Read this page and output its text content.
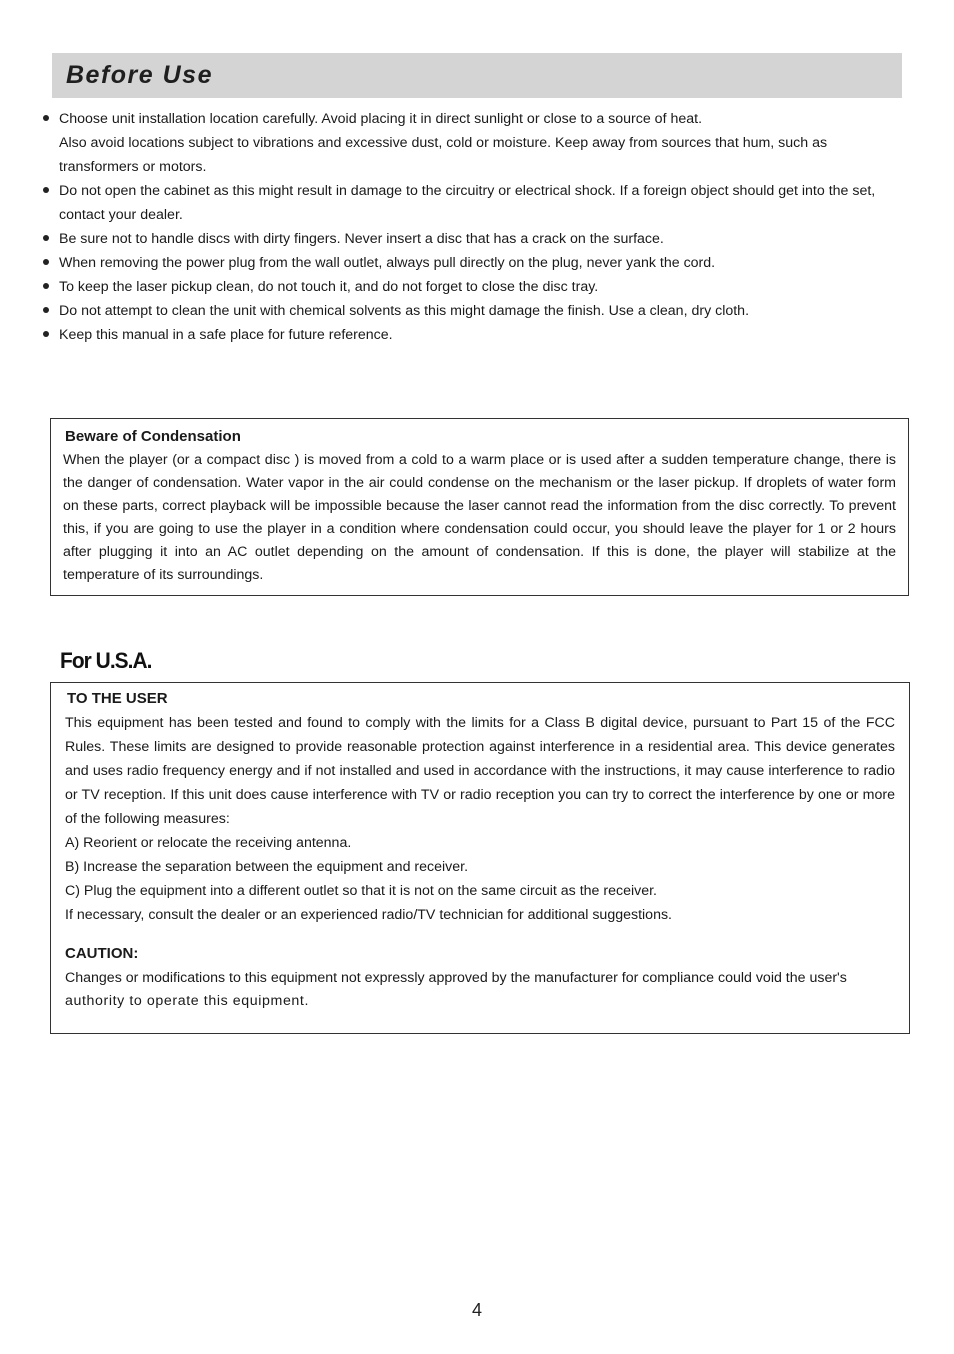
Before Use
Choose unit installation location carefully. Avoid placing it in direct sunlight or close to a source of heat.
Also avoid locations subject to vibrations and excessive dust, cold or moisture. Keep away from sources that hum, such as transformers or motors.
Do not open the cabinet as this might result in damage to the circuitry or electrical shock. If a foreign object should get into the set, contact your dealer.
Be sure not to handle discs with dirty fingers. Never insert a disc that has a crack on the surface.
When removing the power plug from the wall outlet, always pull directly on the plug, never yank the cord.
To keep the laser pickup clean, do not touch it, and do not forget to close the disc tray.
Do not attempt to clean the unit with chemical solvents as this might damage the finish. Use a clean, dry cloth.
Keep this manual in a safe place for future reference.
Beware of Condensation

When the player (or a compact disc ) is moved from a cold to a warm place or is used after a sudden temperature change, there is the danger of condensation. Water vapor in the air could condense on the mechanism or the laser pickup. If droplets of water form on these parts, correct playback will be impossible because the laser cannot read the information from the disc correctly. To prevent this, if you are going to use the player in a condition where condensation could occur, you should leave the player for 1 or 2 hours after plugging it into an AC outlet depending on the amount of condensation. If this is done, the player will stabilize at the temperature of its surroundings.

For U.S.A.
TO THE USER

This equipment has been tested and found to comply with the limits for a Class B digital device, pursuant to Part 15 of the FCC Rules. These limits are designed to provide reasonable protection against interference in a residential area. This device generates and uses radio frequency energy and if not installed and used in accordance with the instructions, it may cause interference to radio or TV reception. If this unit does cause interference with TV or radio reception you can try to correct the interference by one or more of the following measures:

A) Reorient or relocate the receiving antenna.

B) Increase the separation between the equipment and receiver.

C) Plug the equipment into a different outlet so that it is not on the same circuit as the receiver.

If necessary, consult the dealer or an experienced radio/TV technician for additional suggestions.

CAUTION:

Changes or modifications to this equipment not expressly approved by the manufacturer for compliance could void the user's

authority to operate this equipment.

4
